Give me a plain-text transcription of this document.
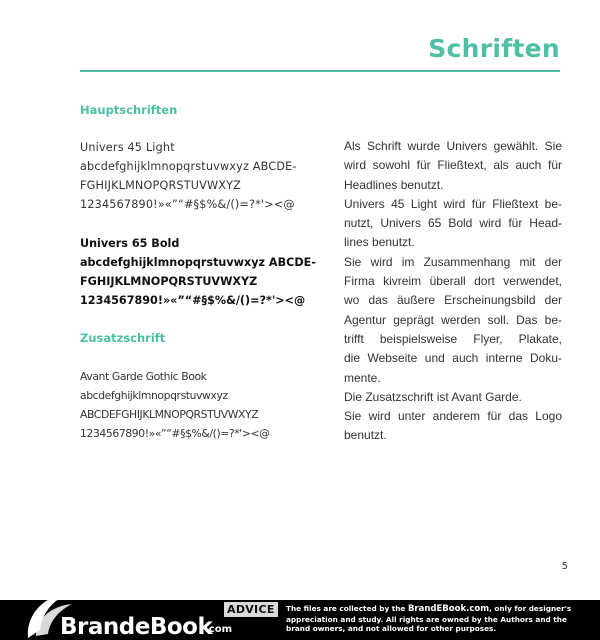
Schriften
Hauptschriften
Univers 45 Light
abcdefghijklmnopqrstuvwxyz ABCDE-
FGHIJKLMNOPQRSTUVWXYZ
1234567890!»«”“#§$%&/()=?*'><@
Univers 65 Bold
abcdefghijklmnopqrstuvwxyz ABCDE-
FGHIJKLMNOPQRSTUVWXYZ
1234567890!»«”“#§$%&/()=?*'><@
Zusatzschrift
Avant Garde Gothic Book
abcdefghijklmnopqrstuvwxyz
ABCDEFGHIJKLMNOPQRSTUVWXYZ
1234567890!»«”“#§$%&/()=?*'><@
Als Schrift wurde Univers gewählt. Sie
wird sowohl für Fließtext, als auch für
Headlines benutzt.
Univers 45 Light wird für Fließtext be-
nutzt, Univers 65 Bold wird für Head-
lines benutzt.
Sie wird im Zusammenhang mit der
Firma kivreim überall dort verwendet,
wo das äußere Erscheinungsbild der
Agentur geprägt werden soll. Das be-
trifft beispielsweise Flyer, Plakate,
die Webseite und auch interne Doku-
mente.
Die Zusatzschrift ist Avant Garde.
Sie wird unter anderem für das Logo
benutzt.
5
BrandeBook
.com
ADVICE	The files are collected by the BrandEBook.com, only for designer's
appreciation and study. All rights are owned by the Authors and the
brand owners, and not allowed for other purposes.
